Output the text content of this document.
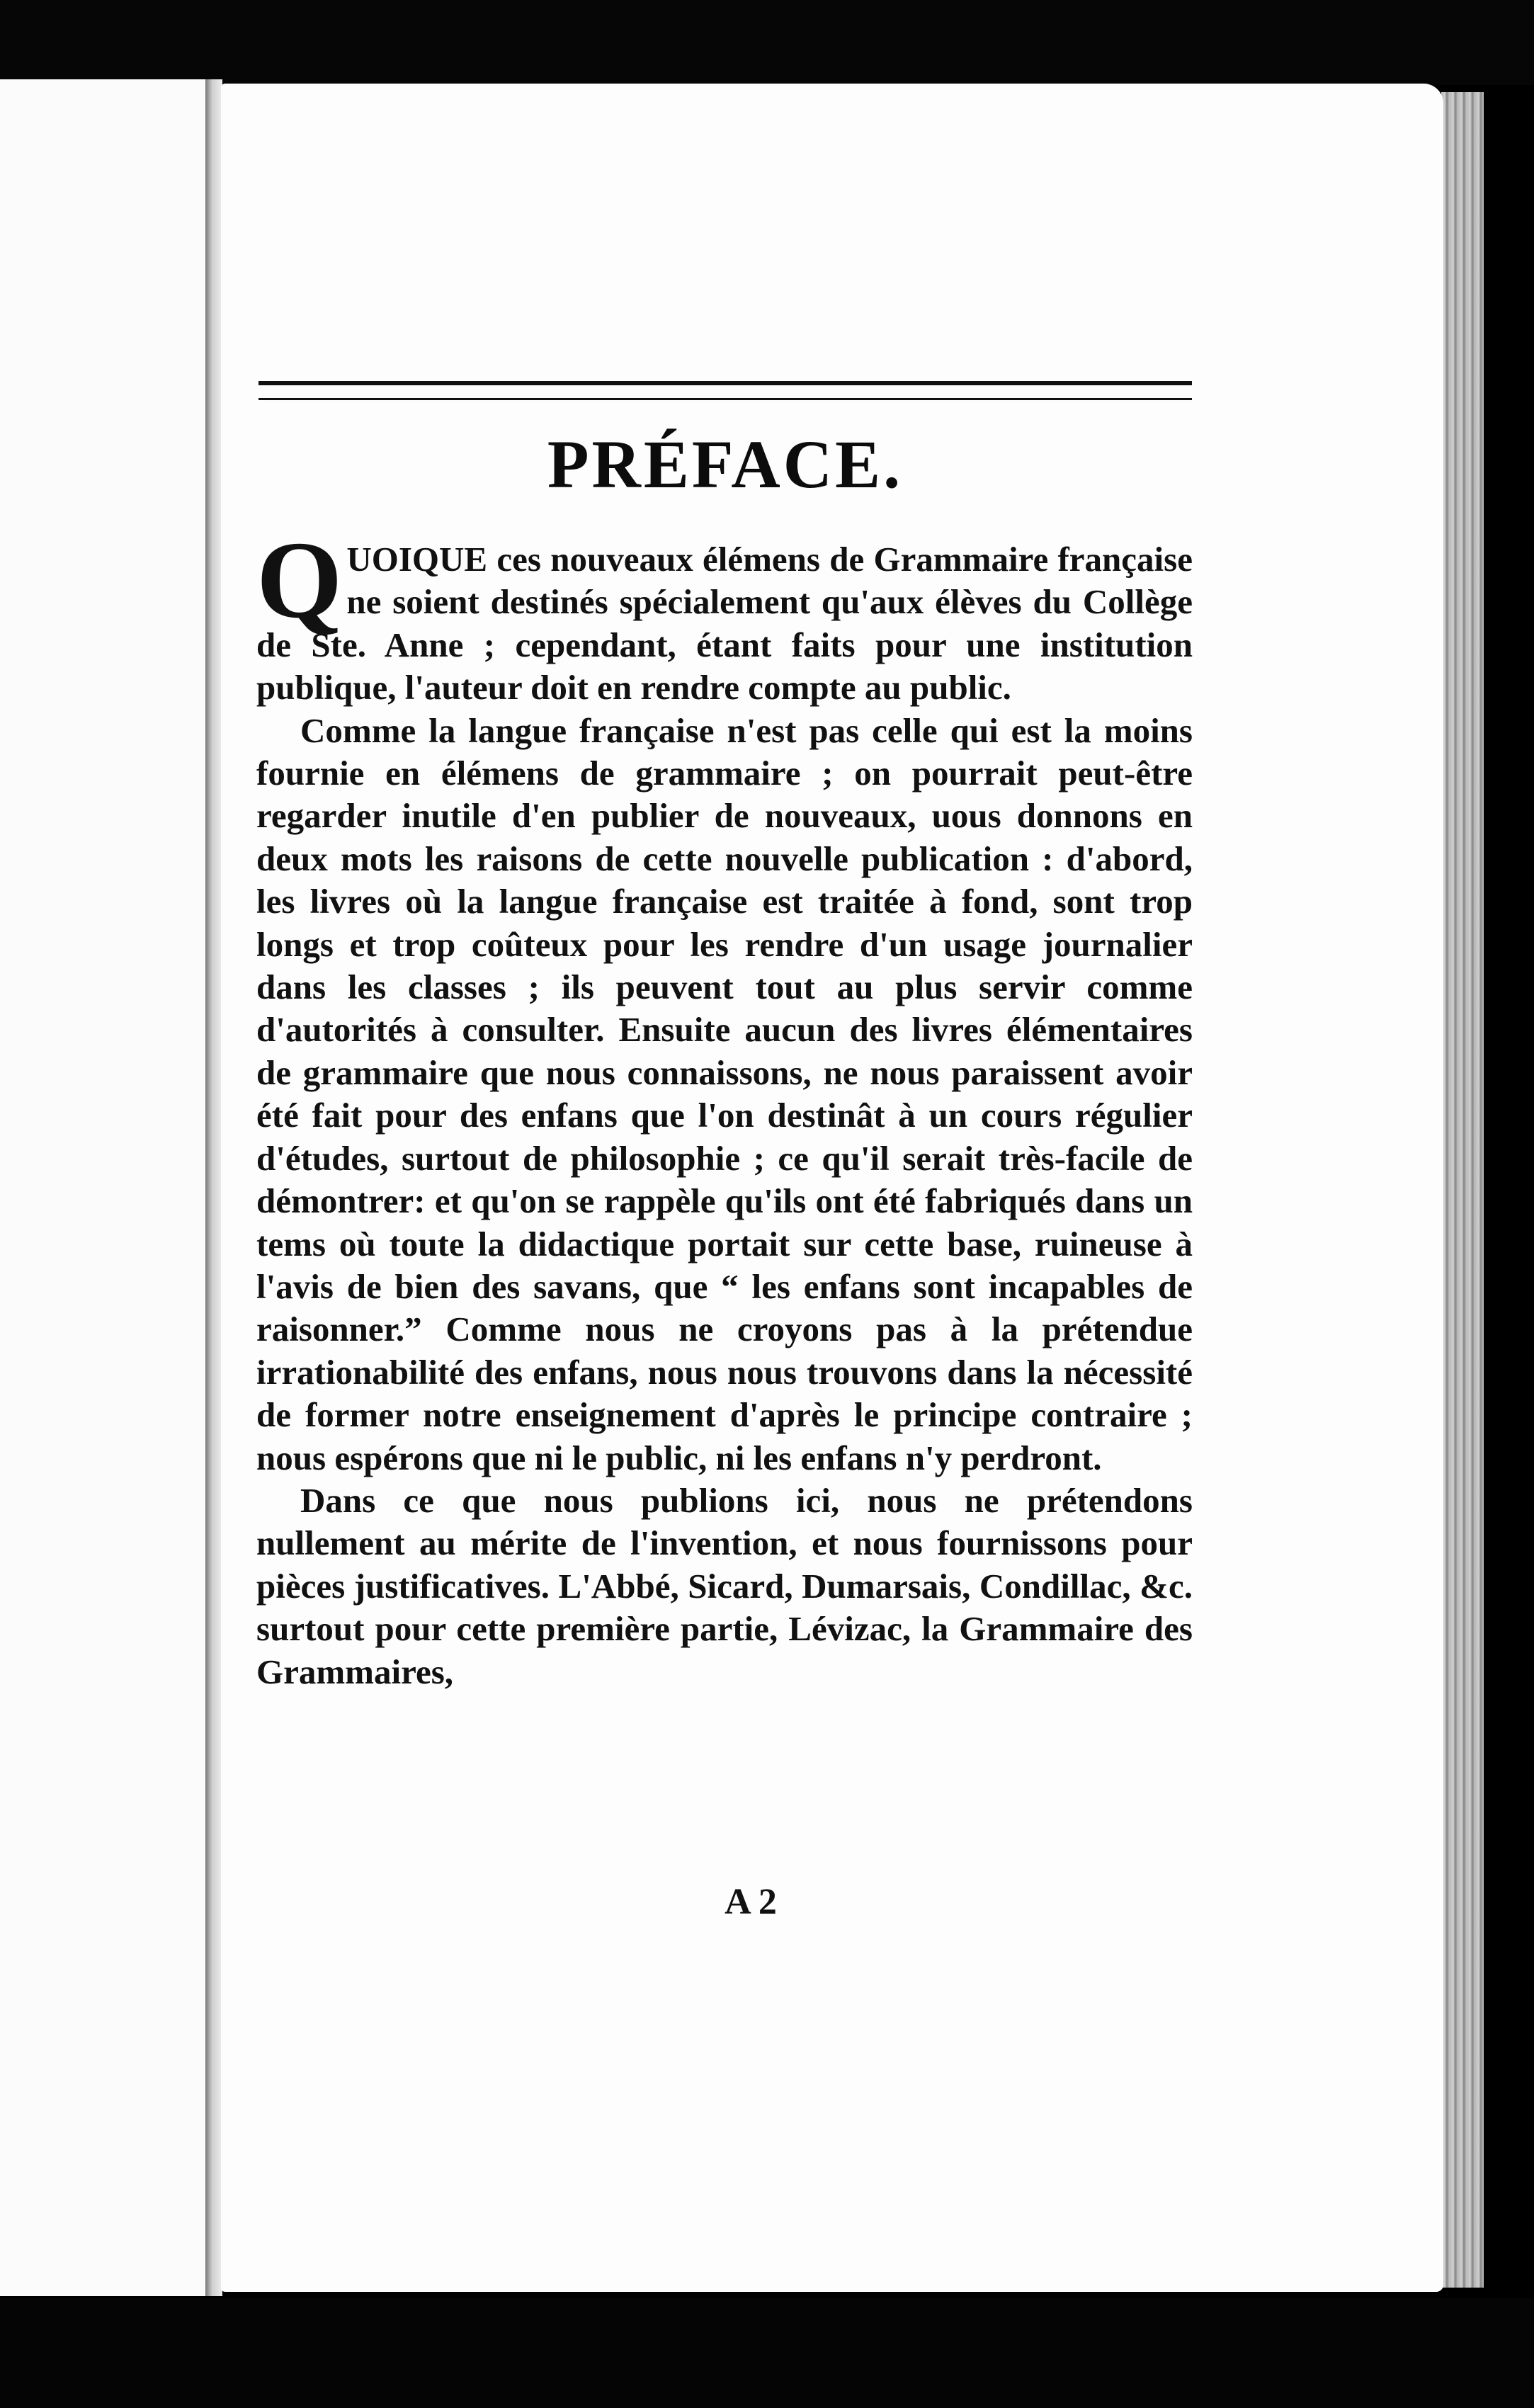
PRÉFACE.

QUOIQUE ces nouveaux élémens de Grammaire française ne soient destinés spécialement qu'aux élèves du Collège de Ste. Anne ; cependant, étant faits pour une institution publique, l'auteur doit en rendre compte au public.

Comme la langue française n'est pas celle qui est la moins fournie en élémens de grammaire ; on pourrait peut-être regarder inutile d'en publier de nouveaux, uous donnons en deux mots les raisons de cette nouvelle publication : d'abord, les livres où la langue française est traitée à fond, sont trop longs et trop coûteux pour les rendre d'un usage journalier dans les classes ; ils peuvent tout au plus servir comme d'autorités à consulter. Ensuite aucun des livres élémentaires de grammaire que nous connaissons, ne nous paraissent avoir été fait pour des enfans que l'on destinât à un cours régulier d'études, surtout de philosophie ; ce qu'il serait très-facile de démontrer: et qu'on se rappèle qu'ils ont été fabriqués dans un tems où toute la didactique portait sur cette base, ruineuse à l'avis de bien des savans, que “ les enfans sont incapables de raisonner.” Comme nous ne croyons pas à la prétendue irrationabilité des enfans, nous nous trouvons dans la nécessité de former notre enseignement d'après le principe contraire ; nous espérons que ni le public, ni les enfans n'y perdront.

Dans ce que nous publions ici, nous ne prétendons nullement au mérite de l'invention, et nous fournissons pour pièces justificatives. L'Abbé, Sicard, Dumarsais, Condillac, &c. surtout pour cette première partie, Lévizac, la Grammaire des Grammaires,

A 2
